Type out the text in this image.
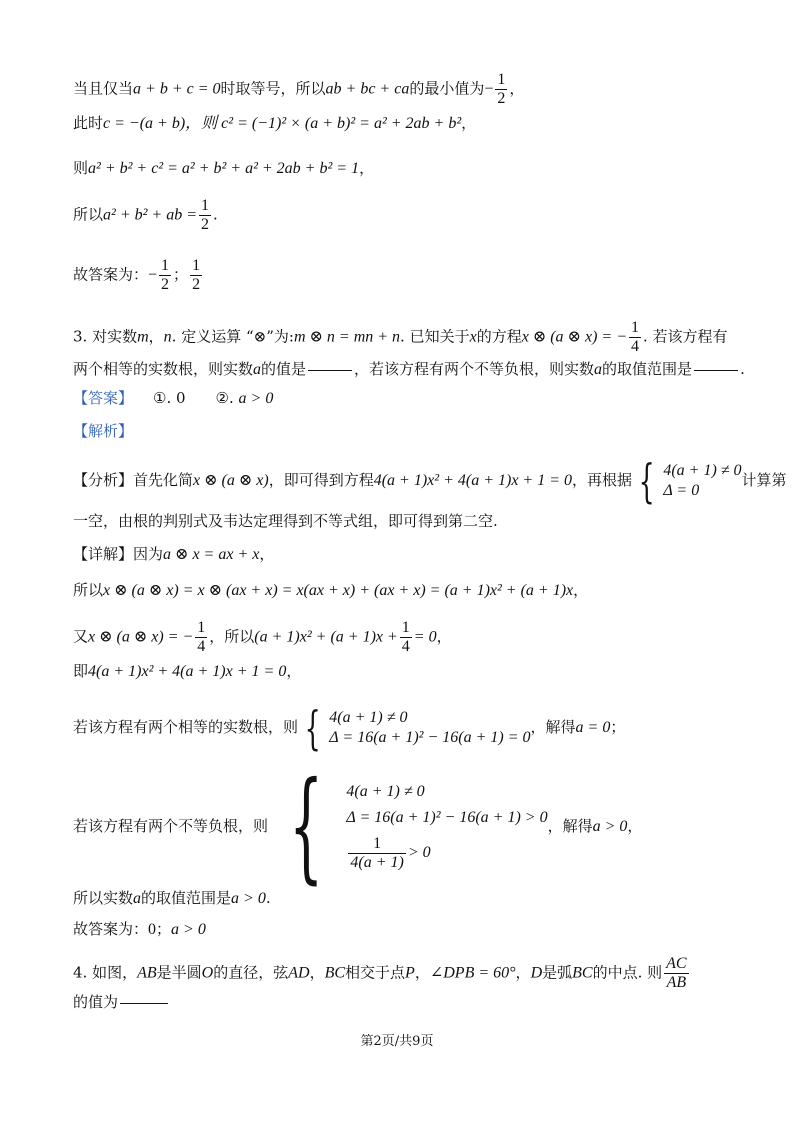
当且仅当a + b + c = 0时取等号，所以ab + bc + ca的最小值为− $\frac{1}{2}$ ，
此时c = −(a + b)，则 c² = (−1)² × (a + b)² = a² + 2ab + b²，
则a² + b² + c² = a² + b² + a² + 2ab + b² = 1，
所以a² + b² + ab = $\frac{1}{2}$ .
故答案为：− $\frac{1}{2}$ ； $\frac{1}{2}$
3. 对实数m，n. 定义运算 “⊗”为:m ⊗ n = mn + n. 已知关于x的方程x ⊗ (a ⊗ x) = − $\frac{1}{4}$ . 若该方程有
两个相等的实数根，则实数a的值是	，若该方程有两个不等负根，则实数a的取值范围是	.
【答案】 ①. 0 ②. a > 0
【解析】
【分析】首先化简x ⊗ (a ⊗ x)，即可得到方程4(a + 1)x² + 4(a + 1)x + 1 = 0，再根据 { 4(a + 1) ≠ 0
Δ = 0
计算第
一空，由根的判别式及韦达定理得到不等式组，即可得到第二空.
【详解】因为a ⊗ x = ax + x，
所以x ⊗ (a ⊗ x) = x ⊗ (ax + x) = x(ax + x) + (ax + x) = (a + 1)x² + (a + 1)x，
又x ⊗ (a ⊗ x) = − $\frac{1}{4}$ ，所以$(a + 1)x^2 + (a + 1)x + \frac{1}{4} = 0$，
即4(a + 1)x² + 4(a + 1)x + 1 = 0，
若该方程有两个相等的实数根，则 { 4(a + 1) ≠ 0
Δ = 16(a + 1)² − 16(a + 1) = 0
，解得a = 0；
若该方程有两个不等负根，则 { 4(a + 1) ≠ 0
Δ = 16(a + 1)² − 16(a + 1) > 0
$\frac{1}{4(a + 1)} > 0$
，解得a > 0，
所以实数a的取值范围是a > 0.
故答案为：0；a > 0
4. 如图，AB是半圆O的直径，弦AD，BC相交于点P，∠DPB = 60°，D是弧BC的中点. 则 $\frac{AC}{AB}$
的值为
第2页/共9页
